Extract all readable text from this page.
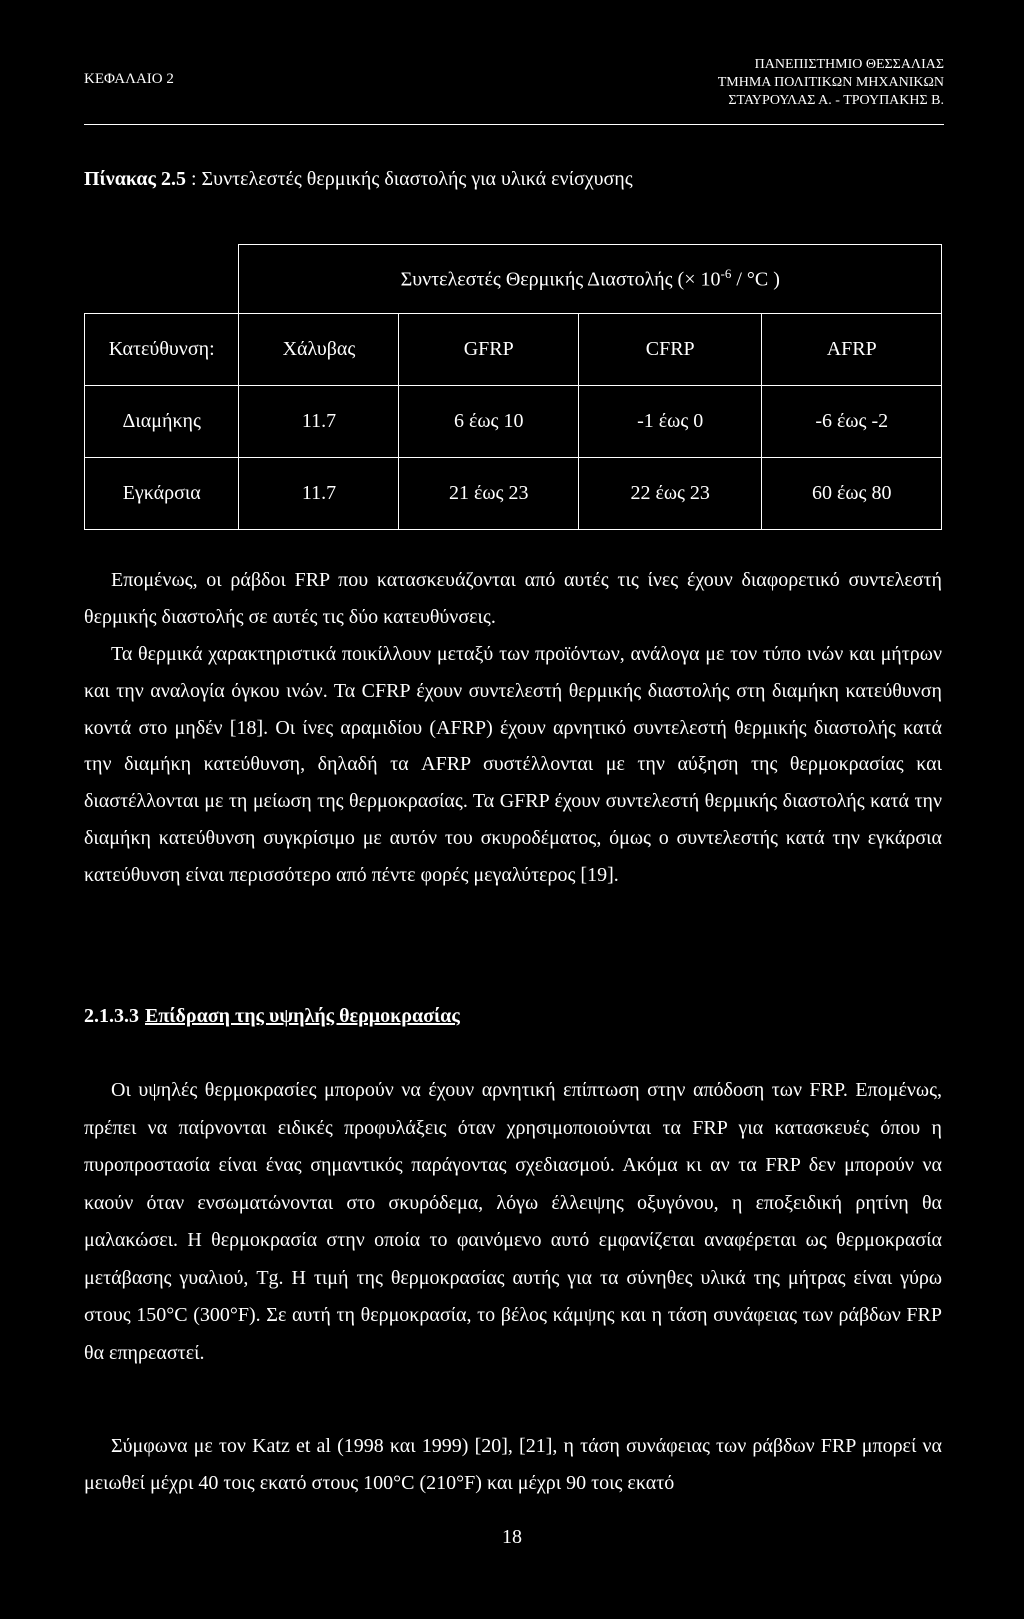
ΚΕΦΑΛΑΙΟ 2
ΠΑΝΕΠΙΣΤΗΜΙΟ ΘΕΣΣΑΛΙΑΣ
ΤΜΗΜΑ ΠΟΛΙΤΙΚΩΝ ΜΗΧΑΝΙΚΩΝ
ΣΤΑΥΡΟΥΛΑΣ Α. - ΤΡΟΥΠΑΚΗΣ Β.
Πίνακας 2.5 : Συντελεστές θερμικής διαστολής για υλικά ενίσχυσης
	Συντελεστές Θερμικής Διαστολής (× $10^{-6} / ^\circ C$ )			
Κατεύθυνση:	Χάλυβας	GFRP	CFRP	AFRP
Διαμήκης	11.7	6 έως 10	-1 έως 0	-6 έως -2
Εγκάρσια	11.7	21 έως 23	22 έως 23	60 έως 80

Επομένως, οι ράβδοι FRP που κατασκευάζονται από αυτές τις ίνες έχουν διαφορετικό συντελεστή θερμικής διαστολής σε αυτές τις δύο κατευθύνσεις.

Τα θερμικά χαρακτηριστικά ποικίλλουν μεταξύ των προϊόντων, ανάλογα με τον τύπο ινών και μήτρων και την αναλογία όγκου ινών. Τα CFRP έχουν συντελεστή θερμικής διαστολής στη διαμήκη κατεύθυνση κοντά στο μηδέν [18]. Οι ίνες αραμιδίου (AFRP) έχουν αρνητικό συντελεστή θερμικής διαστολής κατά την διαμήκη κατεύθυνση, δηλαδή τα AFRP συστέλλονται με την αύξηση της θερμοκρασίας και διαστέλλονται με τη μείωση της θερμοκρασίας. Τα GFRP έχουν συντελεστή θερμικής διαστολής κατά την διαμήκη κατεύθυνση συγκρίσιμο με αυτόν του σκυροδέματος, όμως ο συντελεστής κατά την εγκάρσια κατεύθυνση είναι περισσότερο από πέντε φορές μεγαλύτερος [19].

2.1.3.3 Επίδραση της υψηλής θερμοκρασίας

Οι υψηλές θερμοκρασίες μπορούν να έχουν αρνητική επίπτωση στην απόδοση των FRP. Επομένως, πρέπει να παίρνονται ειδικές προφυλάξεις όταν χρησιμοποιούνται τα FRP για κατασκευές όπου η πυροπροστασία είναι ένας σημαντικός παράγοντας σχεδιασμού. Ακόμα κι αν τα FRP δεν μπορούν να καούν όταν ενσωματώνονται στο σκυρόδεμα, λόγω έλλειψης οξυγόνου, η εποξειδική ρητίνη θα μαλακώσει. Η θερμοκρασία στην οποία το φαινόμενο αυτό εμφανίζεται αναφέρεται ως θερμοκρασία μετάβασης γυαλιού, Tg. Η τιμή της θερμοκρασίας αυτής για τα σύνηθες υλικά της μήτρας είναι γύρω στους 150°C (300°F). Σε αυτή τη θερμοκρασία, το βέλος κάμψης και η τάση συνάφειας των ράβδων FRP θα επηρεαστεί.

Σύμφωνα με τον Katz et al (1998 και 1999) [20], [21], η τάση συνάφειας των ράβδων FRP μπορεί να μειωθεί μέχρι 40 τοις εκατό στους 100°C (210°F) και μέχρι 90 τοις εκατό

18
